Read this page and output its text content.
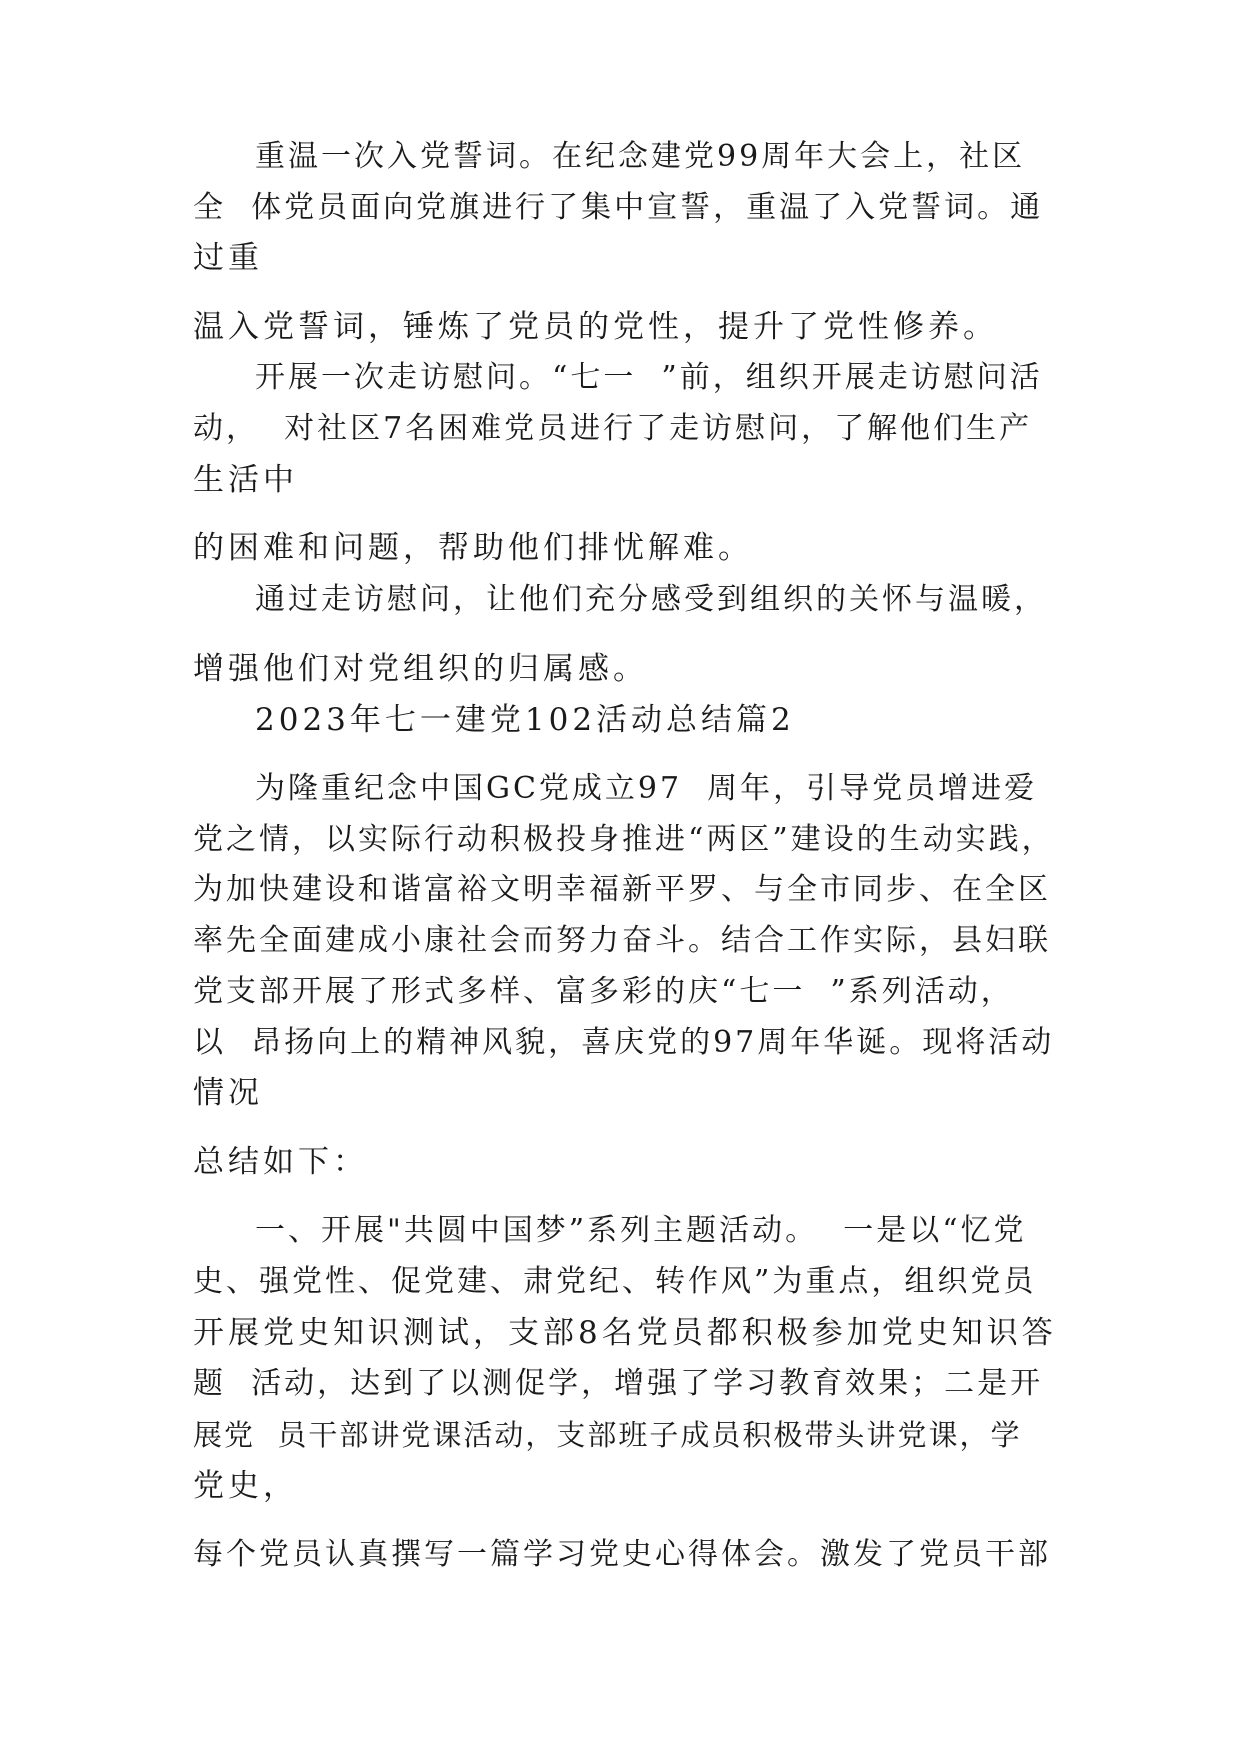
重温一次入党誓词。在纪念建党99周年大会上，社区
全  体党员面向党旗进行了集中宣誓，重温了入党誓词。通
过重
温入党誓词，锤炼了党员的党性，提升了党性修养。
开展一次走访慰问。“七一  ”前，组织开展走访慰问活
动，  对社区7名困难党员进行了走访慰问，了解他们生产
生活中
的困难和问题，帮助他们排忧解难。
通过走访慰问，让他们充分感受到组织的关怀与温暖，
增强他们对党组织的归属感。
2023年七一建党102活动总结篇2
为隆重纪念中国GC党成立97  周年，引导党员增进爱
党之情，以实际行动积极投身推进“两区”建设的生动实践，
为加快建设和谐富裕文明幸福新平罗、与全市同步、在全区
率先全面建成小康社会而努力奋斗。结合工作实际，县妇联
党支部开展了形式多样、富多彩的庆“七一  ”系列活动，
以  昂扬向上的精神风貌，喜庆党的97周年华诞。现将活动
情况
总结如下：
一、开展"共圆中国梦”系列主题活动。  一是以“忆党
史、强党性、促党建、肃党纪、转作风”为重点，组织党员
开展党史知识测试，支部8名党员都积极参加党史知识答
题  活动，达到了以测促学，增强了学习教育效果；二是开
展党  员干部讲党课活动，支部班子成员积极带头讲党课，学
党史，
每个党员认真撰写一篇学习党史心得体会。激发了党员干部
